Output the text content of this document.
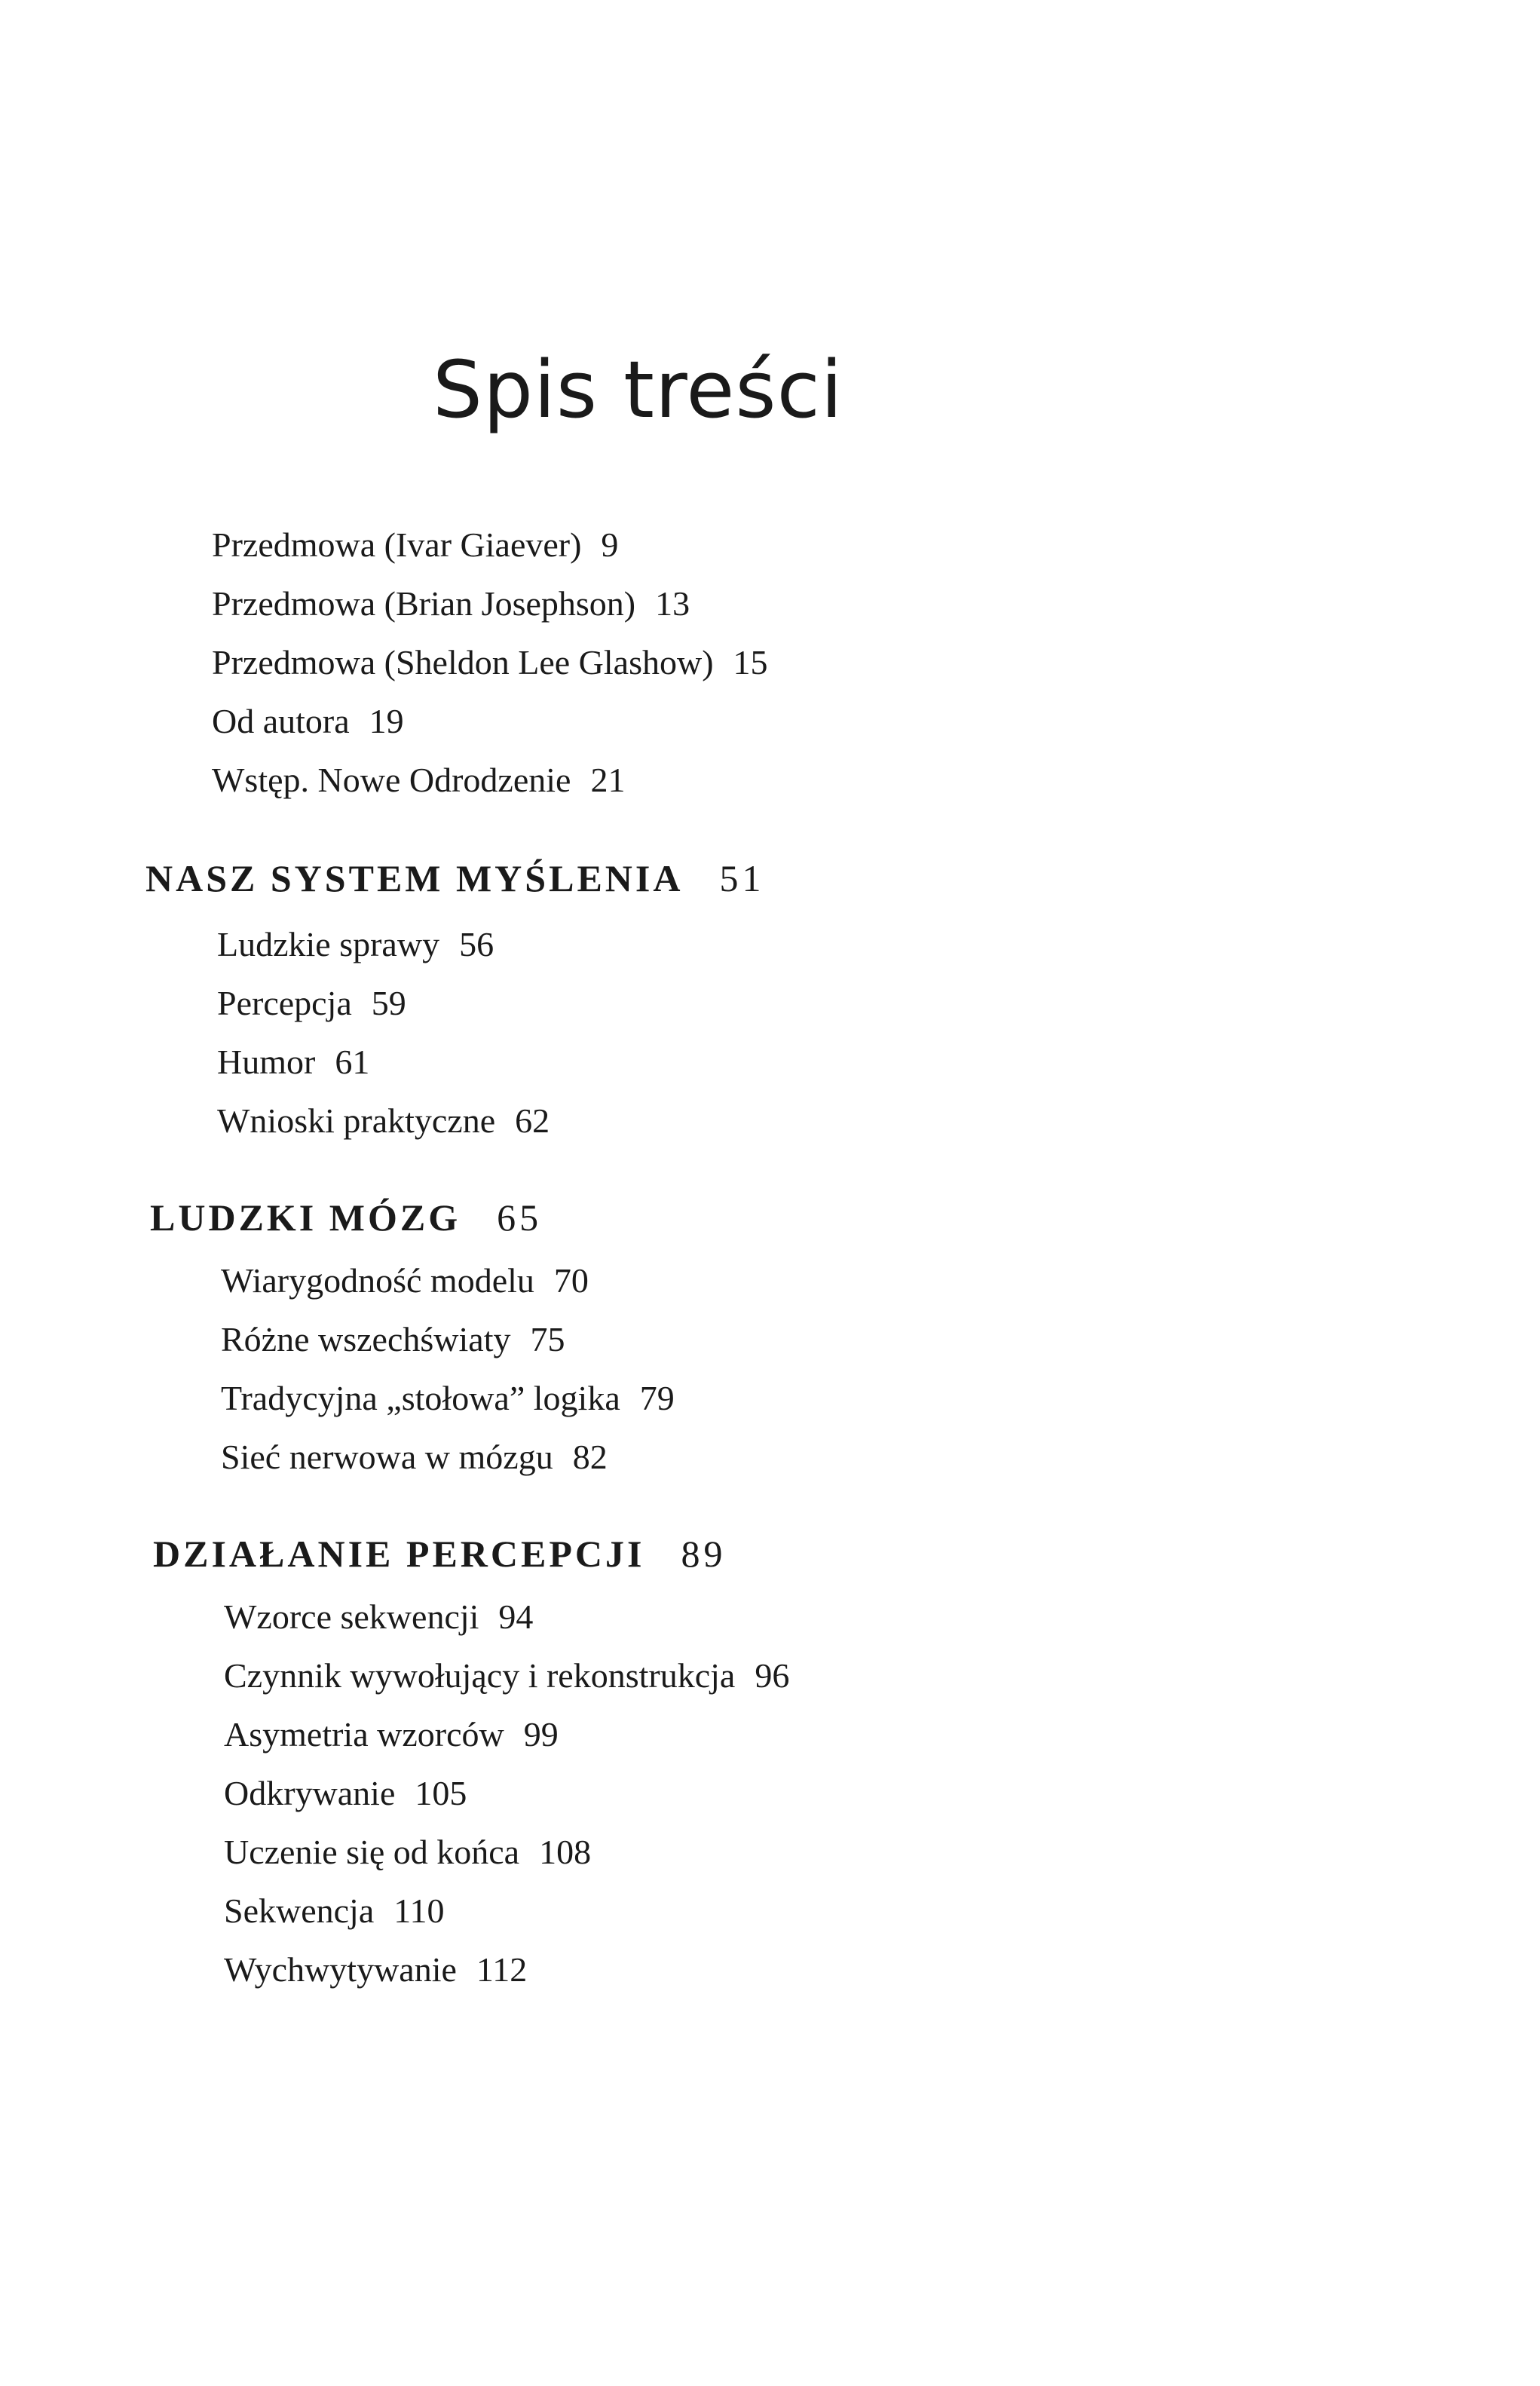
Spis treści
Przedmowa (Ivar Giaever) 9
Przedmowa (Brian Josephson) 13
Przedmowa (Sheldon Lee Glashow) 15
Od autora 19
Wstęp. Nowe Odrodzenie 21
NASZ SYSTEM MYŚLENIA 51
Ludzkie sprawy 56
Percepcja 59
Humor 61
Wnioski praktyczne 62
LUDZKI MÓZG 65
Wiarygodność modelu 70
Różne wszechświaty 75
Tradycyjna „stołowa” logika 79
Sieć nerwowa w mózgu 82
DZIAŁANIE PERCEPCJI 89
Wzorce sekwencji 94
Czynnik wywołujący i rekonstrukcja 96
Asymetria wzorców 99
Odkrywanie 105
Uczenie się od końca 108
Sekwencja 110
Wychwytywanie 112
